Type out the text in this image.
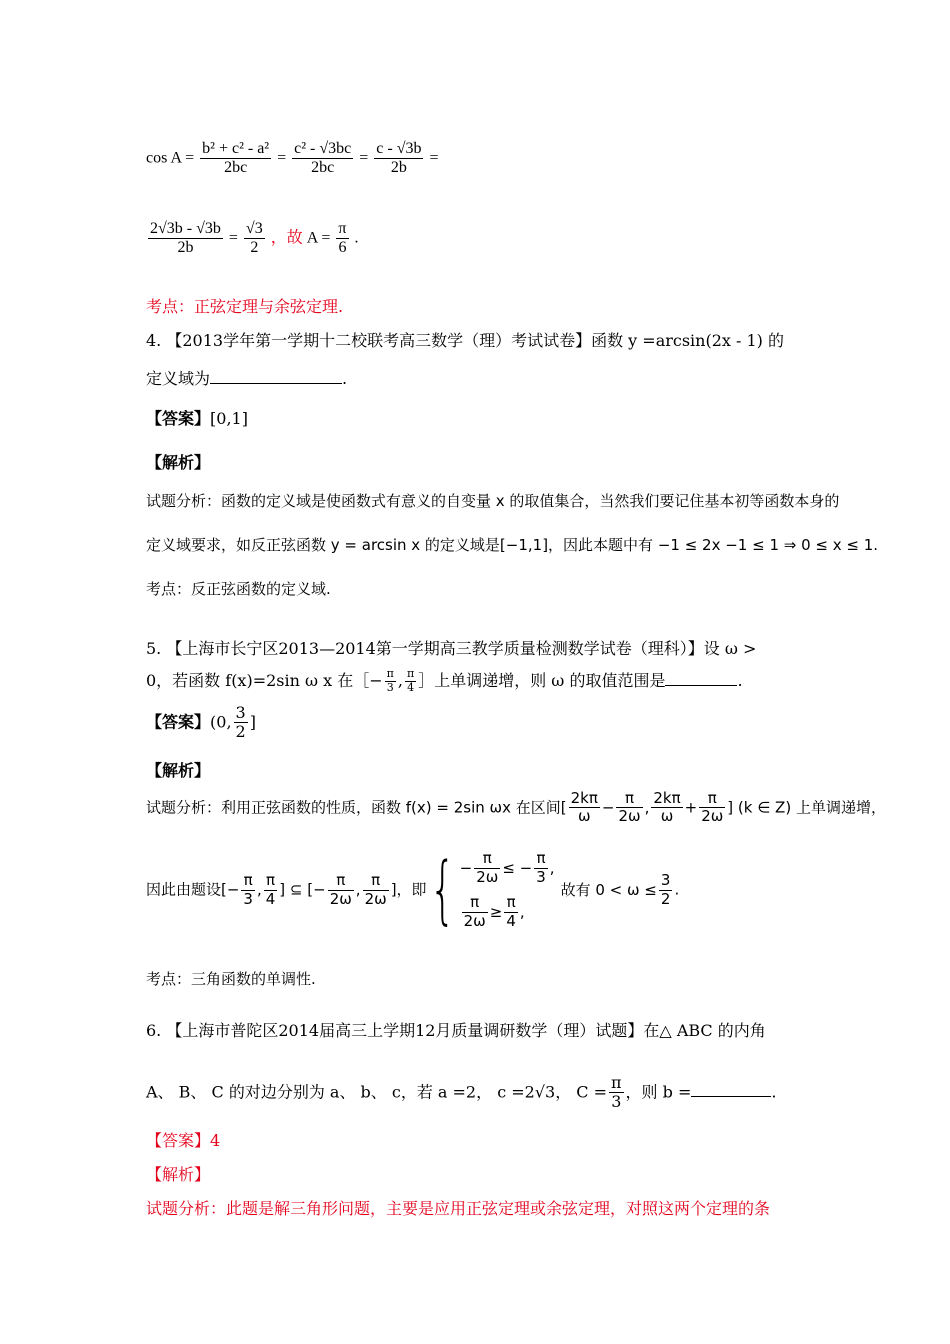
$\cos A = \frac{\text{b² + c² - a²}}{2bc} = \frac{\text{c² - √3bc}}{2bc} = \frac{c - √3b}{2b}$ =
$\frac{2√3b - √3b}{2b} = \frac{√3}{2}$ ，故 $A = \frac{\pi}{6}$ .
考点：正弦定理与余弦定理.
4. 【2013学年第一学期十二校联考高三数学（理）考试试卷】函数 y =arcsin(2x - 1) 的
定义域为	.
【答案】[0,1]
【解析】
试题分析：函数的定义域是使函数式有意义的自变量 x 的取值集合，当然我们要记住基本初等函数本身的
定义域要求，如反正弦函数 y = arcsin x 的定义域是[−1,1]，因此本题中有 −1 ≤ 2x −1 ≤ 1 ⇒ 0 ≤ x ≤ 1.
考点：反正弦函数的定义域.
5. 【上海市长宁区2013—2014第一学期高三教学质量检测数学试卷（理科）】设 ω >
0，若函数 f(x)=2sin ω x 在［− $\frac{\pi}{3}$ , $\frac{\pi}{4}$ ］上单调递增，则 ω 的取值范围是	.
【答案】(0, $\frac{3}{2}$ ]
【解析】
试题分析：利用正弦函数的性质，函数 f(x) = 2sin ωx 在区间[ $\frac{2k\pi}{\omega} - \frac{\pi}{2\omega}$ , $\frac{2k\pi}{\omega} + \frac{\pi}{2\omega}$ ] (k ∈ Z) 上单调递增，
因此由题设[− $\frac{\pi}{3}$ , $\frac{\pi}{4}$ ] ⊆ [− $\frac{\pi}{2\omega}$ , $\frac{\pi}{2\omega}$ ]，即{ − $\frac{\pi}{2\omega}$ ≤ − $\frac{\pi}{3}$ ,
$\frac{\pi}{2\omega} \ge \frac{\pi}{4}$ ,
故有 $0 < \omega \le \frac{3}{2}$ .
考点：三角函数的单调性.
6. 【上海市普陀区2014届高三上学期12月质量调研数学（理）试题】在△ ABC 的内角
A、 B、 C 的对边分别为 a、 b、 c，若 a =2， c =2√3， $C = \frac{\pi}{3}$ ，则 b =	.
【答案】4
【解析】
试题分析：此题是解三角形问题，主要是应用正弦定理或余弦定理，对照这两个定理的条
